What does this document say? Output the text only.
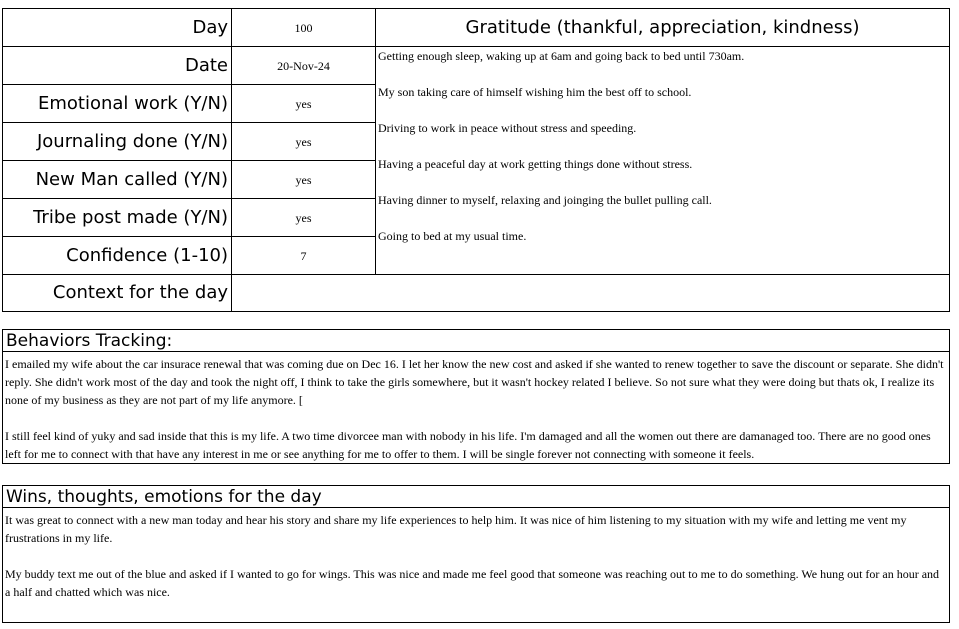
Day
Date
Emotional work (Y/N)
Journaling done (Y/N)
New Man called (Y/N)
Tribe post made (Y/N)
Confidence (1-10)
Context for the day
100
20-Nov-24
yes
yes
yes
yes
7
Gratitude (thankful, appreciation, kindness)
Getting enough sleep, waking up at 6am and going back to bed until 730am.
My son taking care of himself wishing him the best off to school.
Driving to work in peace without stress and speeding.
Having a peaceful day at work getting things done without stress.
Having dinner to myself, relaxing and joinging the bullet pulling call.
Going to bed at my usual time.
Behaviors Tracking:

I emailed my wife about the car insurace renewal that was coming due on Dec 16. I let her know the new cost and asked if she wanted to renew together to save the discount or separate. She didn't reply. She didn't work most of the day and took the night off, I think to take the girls somewhere, but it wasn't hockey related I believe. So not sure what they were doing but thats ok, I realize its none of my business as they are not part of my life anymore. [

I still feel kind of yuky and sad inside that this is my life. A two time divorcee man with nobody in his life. I'm damaged and all the women out there are damanaged too. There are no good ones left for me to connect with that have any interest in me or see anything for me to offer to them. I will be single forever not connecting with someone it feels.

Wins, thoughts, emotions for the day

It was great to connect with a new man today and hear his story and share my life experiences to help him. It was nice of him listening to my situation with my wife and letting me vent my frustrations in my life.

My buddy text me out of the blue and asked if I wanted to go for wings. This was nice and made me feel good that someone was reaching out to me to do something. We hung out for an hour and a half and chatted which was nice.
